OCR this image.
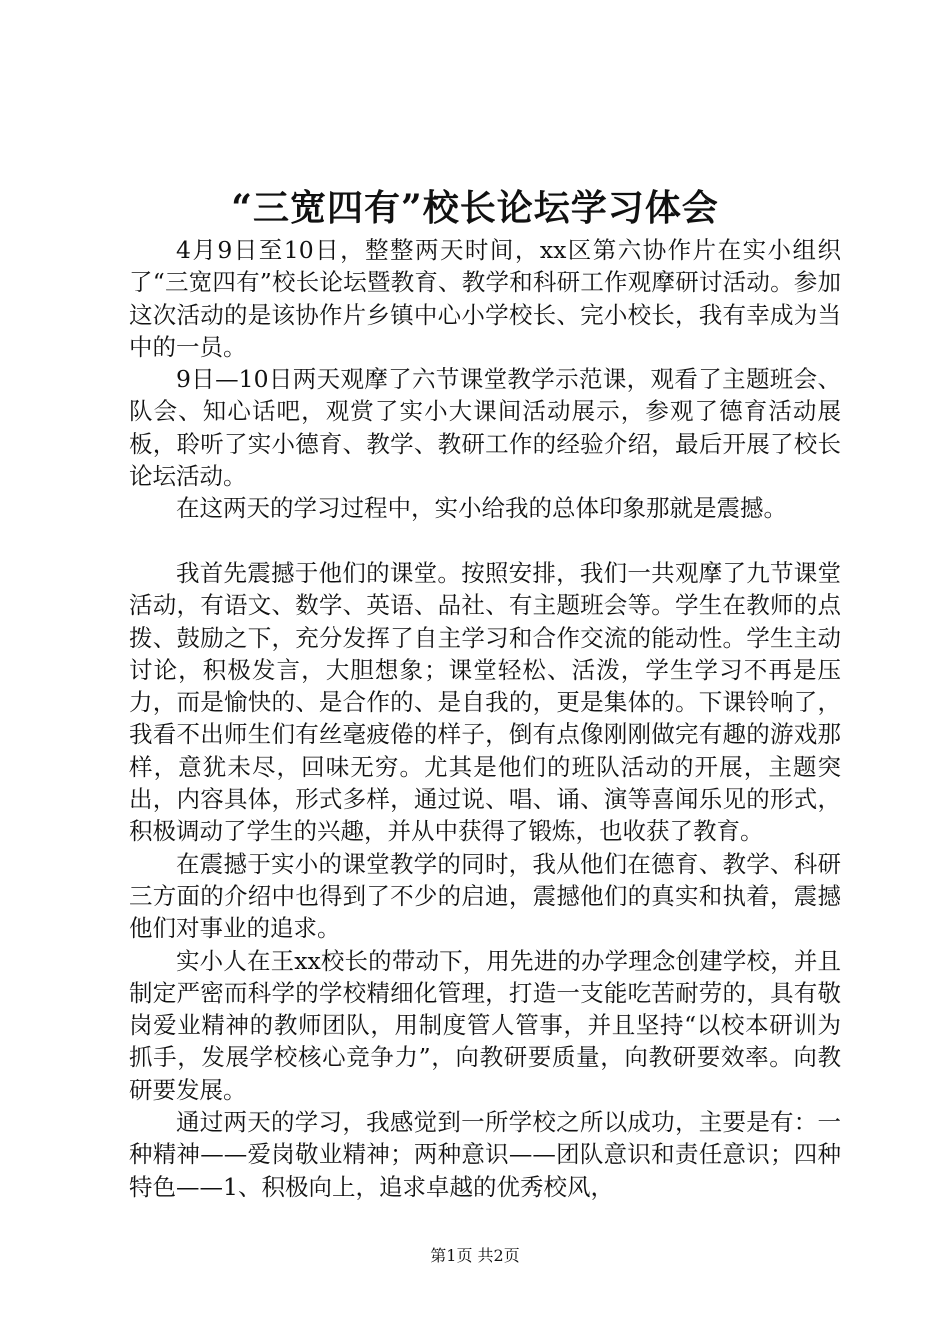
“三宽四有”校长论坛学习体会

4月9日至10日，整整两天时间，xx区第六协作片在实小组织了“三宽四有”校长论坛暨教育、教学和科研工作观摩研讨活动。参加这次活动的是该协作片乡镇中心小学校长、完小校长，我有幸成为当中的一员。

9日—10日两天观摩了六节课堂教学示范课，观看了主题班会、队会、知心话吧，观赏了实小大课间活动展示，参观了德育活动展板，聆听了实小德育、教学、教研工作的经验介绍，最后开展了校长论坛活动。

在这两天的学习过程中，实小给我的总体印象那就是震撼。

我首先震撼于他们的课堂。按照安排，我们一共观摩了九节课堂活动，有语文、数学、英语、品社、有主题班会等。学生在教师的点拨、鼓励之下，充分发挥了自主学习和合作交流的能动性。学生主动讨论，积极发言，大胆想象；课堂轻松、活泼，学生学习不再是压力，而是愉快的、是合作的、是自我的，更是集体的。下课铃响了，我看不出师生们有丝毫疲倦的样子，倒有点像刚刚做完有趣的游戏那样，意犹未尽，回味无穷。尤其是他们的班队活动的开展，主题突出，内容具体，形式多样，通过说、唱、诵、演等喜闻乐见的形式，积极调动了学生的兴趣，并从中获得了锻炼，也收获了教育。

在震撼于实小的课堂教学的同时，我从他们在德育、教学、科研三方面的介绍中也得到了不少的启迪，震撼他们的真实和执着，震撼他们对事业的追求。

实小人在王xx校长的带动下，用先进的办学理念创建学校，并且制定严密而科学的学校精细化管理，打造一支能吃苦耐劳的，具有敬岗爱业精神的教师团队，用制度管人管事，并且坚持“以校本研训为抓手，发展学校核心竞争力”，向教研要质量，向教研要效率。向教研要发展。

通过两天的学习，我感觉到一所学校之所以成功，主要是有：一种精神——爱岗敬业精神；两种意识——团队意识和责任意识；四种特色——1、积极向上，追求卓越的优秀校风，

第1页 共2页
